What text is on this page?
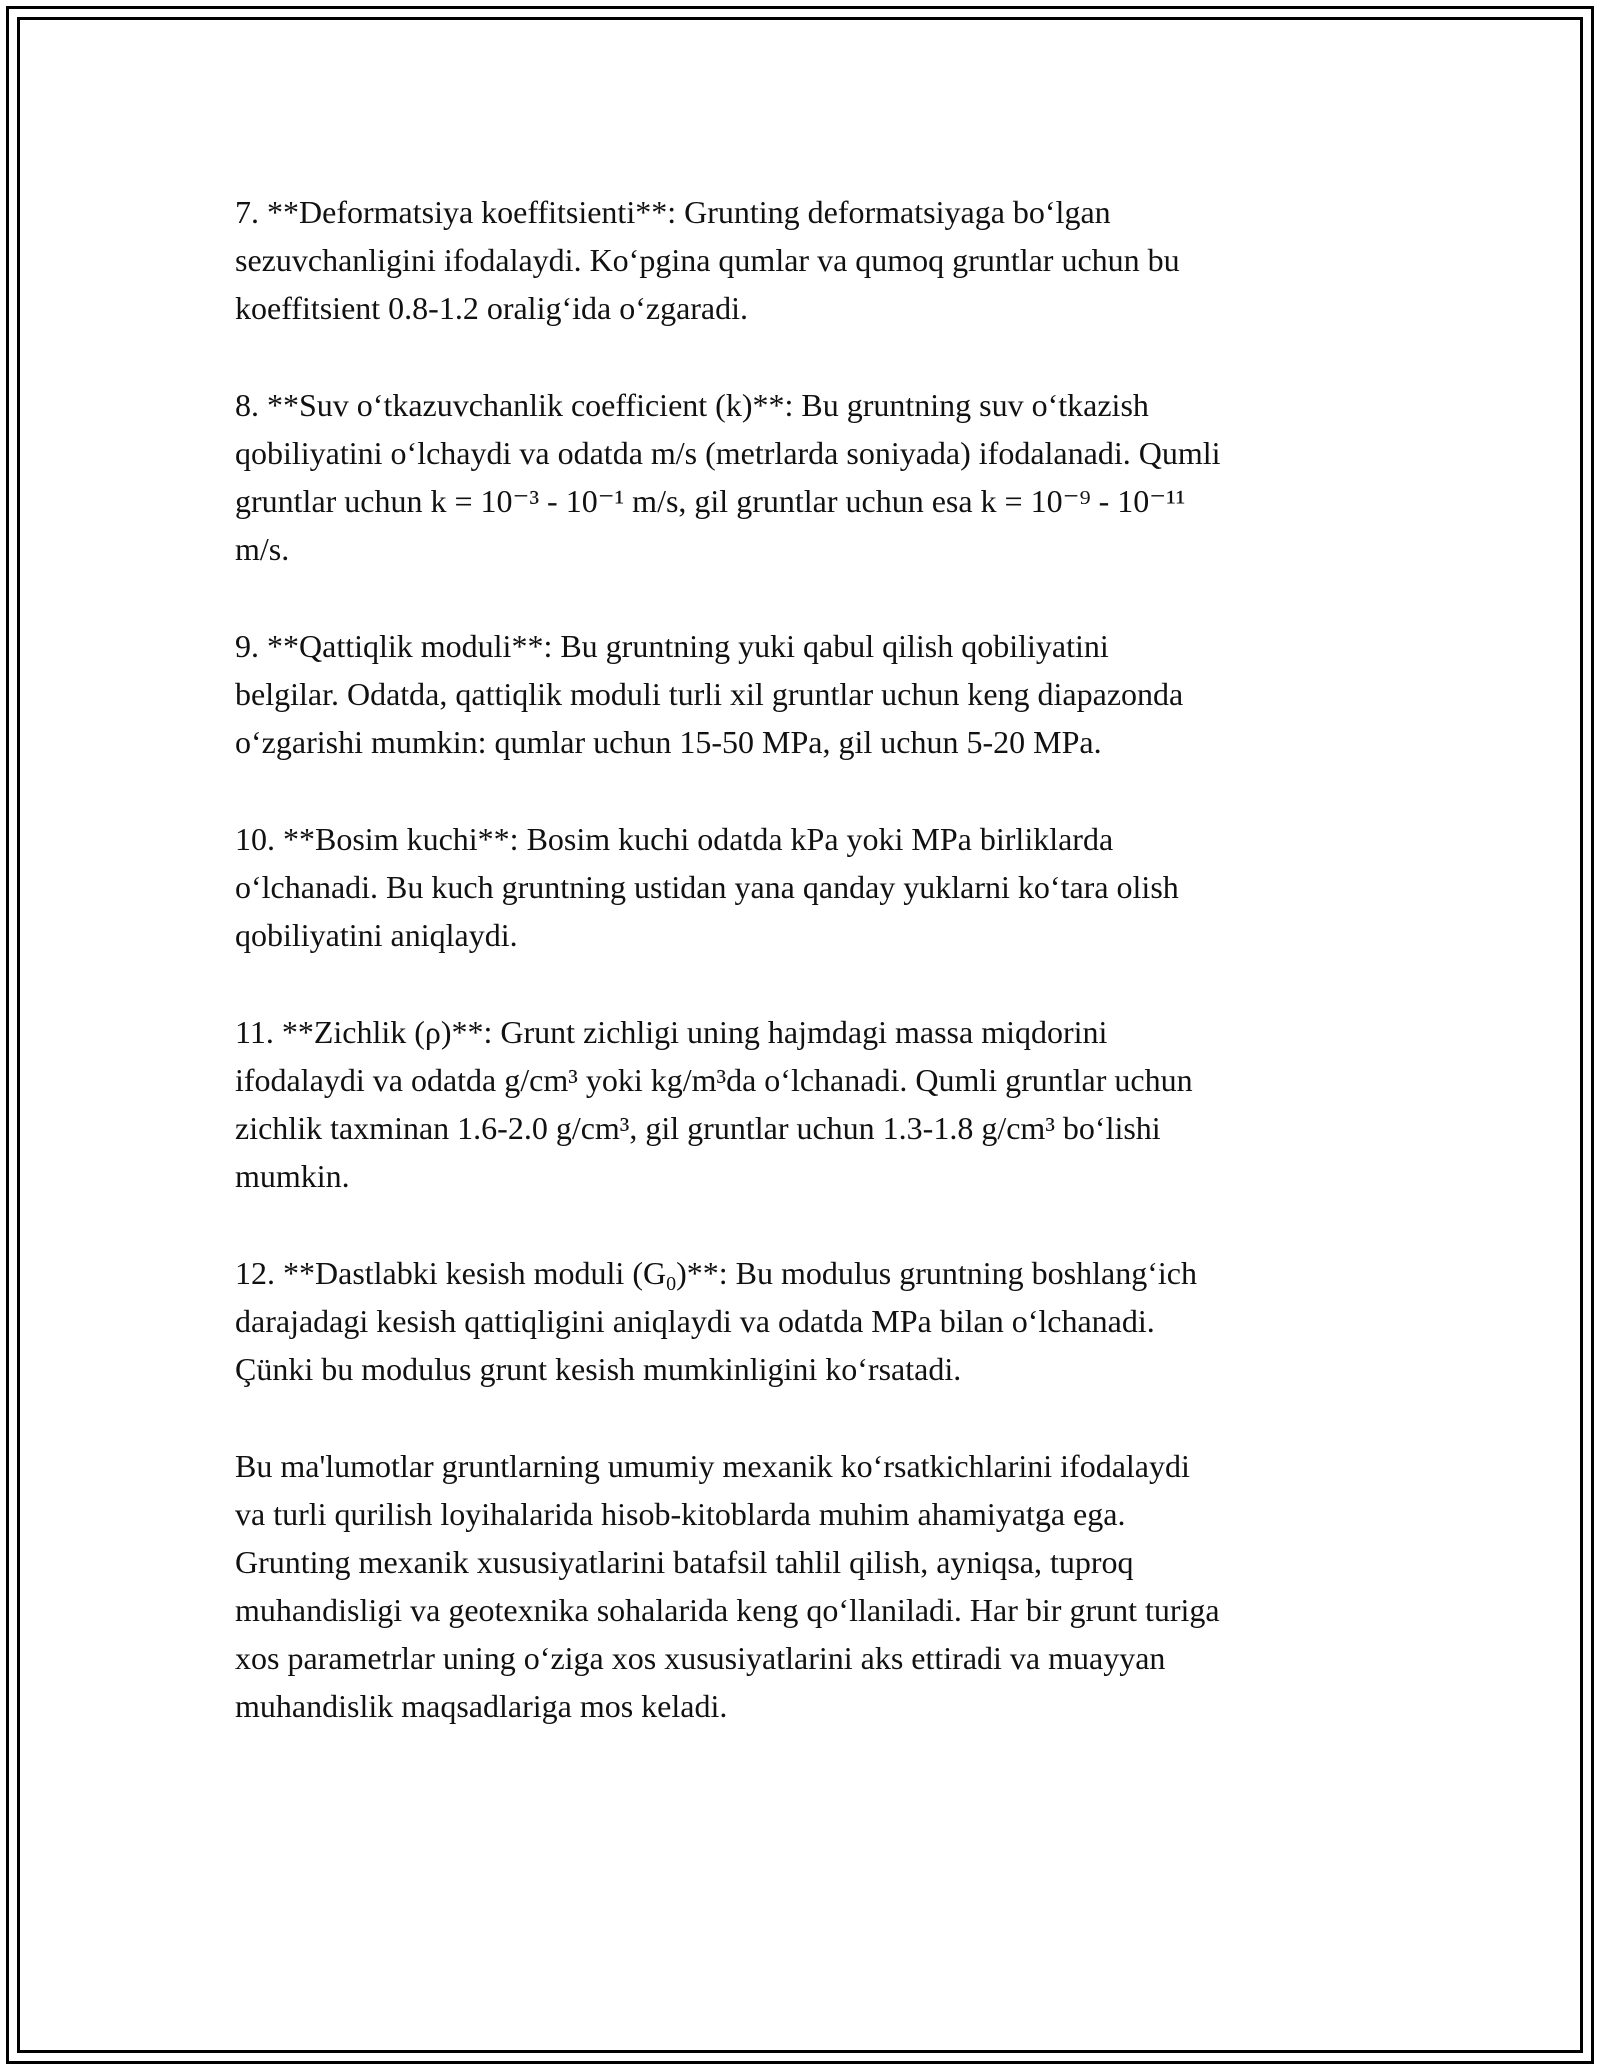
7. **Deformatsiya koeffitsienti**: Grunting deformatsiyaga bo‘lgan
sezuvchanligini ifodalaydi. Ko‘pgina qumlar va qumoq gruntlar uchun bu
koeffitsient 0.8-1.2 oralig‘ida o‘zgaradi.

8. **Suv o‘tkazuvchanlik coefficient (k)**: Bu gruntning suv o‘tkazish
qobiliyatini o‘lchaydi va odatda m/s (metrlarda soniyada) ifodalanadi. Qumli
gruntlar uchun k = 10⁻³ - 10⁻¹ m/s, gil gruntlar uchun esa k = 10⁻⁹ - 10⁻¹¹
m/s.

9. **Qattiqlik moduli**: Bu gruntning yuki qabul qilish qobiliyatini
belgilar. Odatda, qattiqlik moduli turli xil gruntlar uchun keng diapazonda
o‘zgarishi mumkin: qumlar uchun 15-50 MPa, gil uchun 5-20 MPa.

10. **Bosim kuchi**: Bosim kuchi odatda kPa yoki MPa birliklarda
o‘lchanadi. Bu kuch gruntning ustidan yana qanday yuklarni ko‘tara olish
qobiliyatini aniqlaydi.

11. **Zichlik (ρ)**: Grunt zichligi uning hajmdagi massa miqdorini
ifodalaydi va odatda g/cm³ yoki kg/m³da o‘lchanadi. Qumli gruntlar uchun
zichlik taxminan 1.6-2.0 g/cm³, gil gruntlar uchun 1.3-1.8 g/cm³ bo‘lishi
mumkin.

12. **Dastlabki kesish moduli $(G_0)**$: Bu modulus gruntning boshlang‘ich
darajadagi kesish qattiqligini aniqlaydi va odatda MPa bilan o‘lchanadi.
Çünki bu modulus grunt kesish mumkinligini ko‘rsatadi.

Bu ma'lumotlar gruntlarning umumiy mexanik ko‘rsatkichlarini ifodalaydi
va turli qurilish loyihalarida hisob-kitoblarda muhim ahamiyatga ega.
Grunting mexanik xususiyatlarini batafsil tahlil qilish, ayniqsa, tuproq
muhandisligi va geotexnika sohalarida keng qo‘llaniladi. Har bir grunt turiga
xos parametrlar uning o‘ziga xos xususiyatlarini aks ettiradi va muayyan
muhandislik maqsadlariga mos keladi.
